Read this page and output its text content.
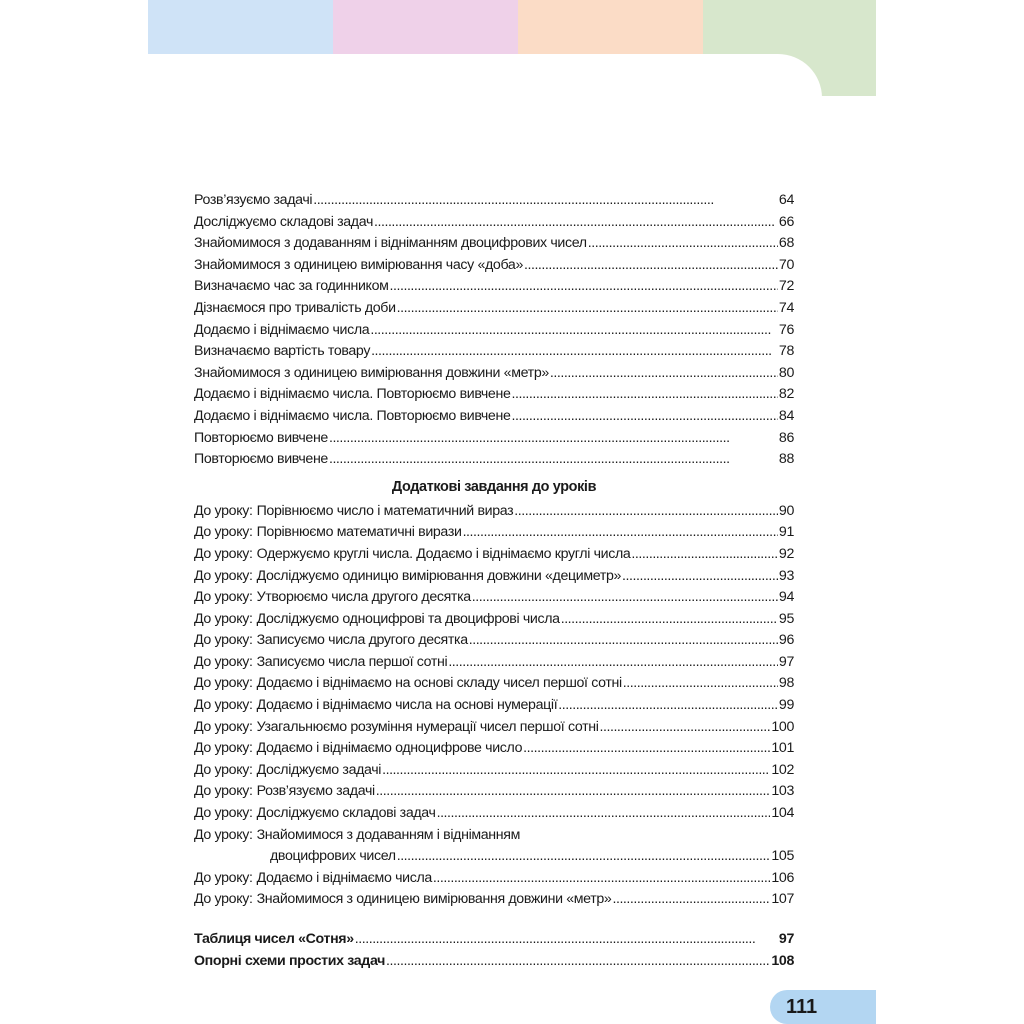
Розв’язуємо задачі . . .	64
Досліджуємо складові задач . . .	66
Знайомимося з додаванням і відніманням двоцифрових чисел . . .	68
Знайомимося з одиницею вимірювання часу «доба» . . .	70
Визначаємо час за годинником . . .	72
Дізнаємося про тривалість доби . . .	74
Додаємо і віднімаємо числа . . .	76
Визначаємо вартість товару . . .	78
Знайомимося з одиницею вимірювання довжини «метр» . . .	80
Додаємо і віднімаємо числа. Повторюємо вивчене . . .	82
Додаємо і віднімаємо числа. Повторюємо вивчене . . .	84
Повторюємо вивчене . . .	86
Повторюємо вивчене . . .	88
Додаткові завдання до уроків
До уроку: Порівнюємо число і математичний вираз . . .	90
До уроку: Порівнюємо математичні вирази . . .	91
До уроку: Одержуємо круглі числа. Додаємо і віднімаємо круглі числа . . .	92
До уроку: Досліджуємо одиницю вимірювання довжини «дециметр» . . .	93
До уроку: Утворюємо числа другого десятка . . .	94
До уроку: Досліджуємо одноцифрові та двоцифрові числа . . .	95
До уроку: Записуємо числа другого десятка . . .	96
До уроку: Записуємо числа першої сотні . . .	97
До уроку: Додаємо і віднімаємо на основі складу чисел першої сотні . . .	98
До уроку: Додаємо і віднімаємо числа на основі нумерації . . .	99
До уроку: Узагальнюємо розуміння нумерації чисел першої сотні . . .	100
До уроку: Додаємо і віднімаємо одноцифрове число . . .	101
До уроку: Досліджуємо задачі . . .	102
До уроку: Розв’язуємо задачі . . .	103
До уроку: Досліджуємо складові задач . . .	104
До уроку: Знайомимося з додаванням і відніманням
двоцифрових чисел . . .	105
До уроку: Додаємо і віднімаємо числа . . .	106
До уроку: Знайомимося з одиницею вимірювання довжини «метр» . . .	107
Таблиця чисел «Сотня» . . .	97
Опорні схеми простих задач . . .	108
111
